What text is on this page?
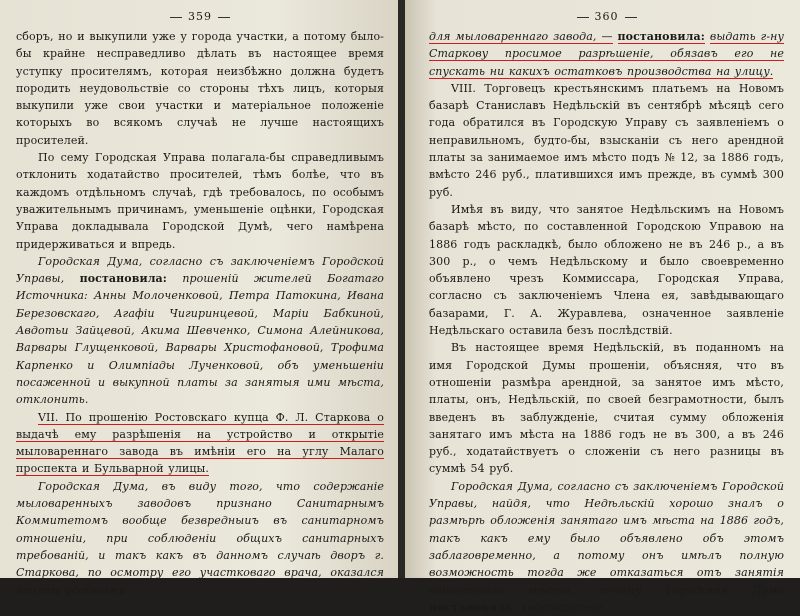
359

сборъ, но и выкупили уже у города участки, а потому было-бы крайне несправедливо дѣлать въ настоящее время уступку просителямъ, которая неизбѣжно должна будетъ породить неудовольствіе со стороны тѣхъ лицъ, которыя выкупили уже свои участки и матеріальное положеніе которыхъ во всякомъ случаѣ не лучше настоящихъ просителей.

По сему Городская Управа полагала-бы справедливымъ отклонить ходатайство просителей, тѣмъ болѣе, что въ каждомъ отдѣльномъ случаѣ, гдѣ требовалось, по особымъ уважительнымъ причинамъ, уменьшеніе оцѣнки, Городская Управа докладывала Городской Думѣ, чего намѣрена придерживаться и впредь.

Городская Дума, согласно съ заключеніемъ Городской Управы, постановила: прошеній жителей Богатаго Источника: Анны Молоченковой, Петра Патокина, Ивана Березовскаго, Агафіи Чигиринцевой, Маріи Бабкиной, Авдотьи Зайцевой, Акима Шевченко, Симона Алейникова, Варвары Глущенковой, Варвары Христофановой, Трофима Карпенко и Олимпіады Лученковой, объ уменьшеніи посаженной и выкупной платы за занятыя ими мѣста, отклонить.

VII. По прошенію Ростовскаго купца Ф. Л. Старкова о выдачѣ ему разрѣшенія на устройство и открытіе мыловареннаго завода въ имѣніи его на углу Малаго проспекта и Бульварной улицы.

Городская Дума, въ виду того, что содержаніе мыловаренныхъ заводовъ признано Санитарнымъ Коммитетомъ вообще безвредныиъ въ санитарномъ отношеніи, при соблюденіи общихъ санитарныхъ требованій, и такъ какъ въ данномъ случаѣ дворъ г. Старкова, по осмотру его участковаго врача, оказался вполнѣ удобнымъ

360

для мыловареннаго завода, — постановила: выдать г-ну Старкову просимое разрѣшеніе, обязавъ его не спускать ни какихъ остатковъ производства на улицу.

VIII. Торговецъ крестьянскимъ платьемъ на Новомъ базарѣ Станиславъ Недѣльскій въ сентябрѣ мѣсяцѣ сего года обратился въ Городскую Управу съ заявленіемъ о неправильномъ, будто-бы, взысканіи съ него арендной платы за занимаемое имъ мѣсто подъ № 12, за 1886 годъ, вмѣсто 246 руб., платившихся имъ прежде, въ суммѣ 300 руб.

Имѣя въ виду, что занятое Недѣльскимъ на Новомъ базарѣ мѣсто, по составленной Городскою Управою на 1886 годъ раскладкѣ, было обложено не въ 246 р., а въ 300 р., о чемъ Недѣльскому и было своевременно объявлено чрезъ Коммиссара, Городская Управа, согласно съ заключеніемъ Члена ея, завѣдывающаго базарами, Г. А. Журавлева, означенное заявленіе Недѣльскаго оставила безъ послѣдствій.

Въ настоящее время Недѣльскій, въ поданномъ на имя Городской Думы прошеніи, объясняя, что въ отношеніи размѣра арендной, за занятое имъ мѣсто, платы, онъ, Недѣльскій, по своей безграмотности, былъ введенъ въ заблужденіе, считая сумму обложенія занятаго имъ мѣста на 1886 годъ не въ 300, а въ 246 руб., ходатайствуетъ о сложеніи съ него разницы въ суммѣ 54 руб.

Городская Дума, согласно съ заключеніемъ Городской Управы, найдя, что Недѣльскій хорошо зналъ о размѣрѣ обложенія занятаго имъ мѣста на 1886 годъ, такъ какъ ему было объявлено объ этомъ заблаговременно, а потому онъ имѣлъ полную возможность тогда же отказаться отъ занятія означеннаго мѣста, почему Городская Дума постановила: ходатайство
